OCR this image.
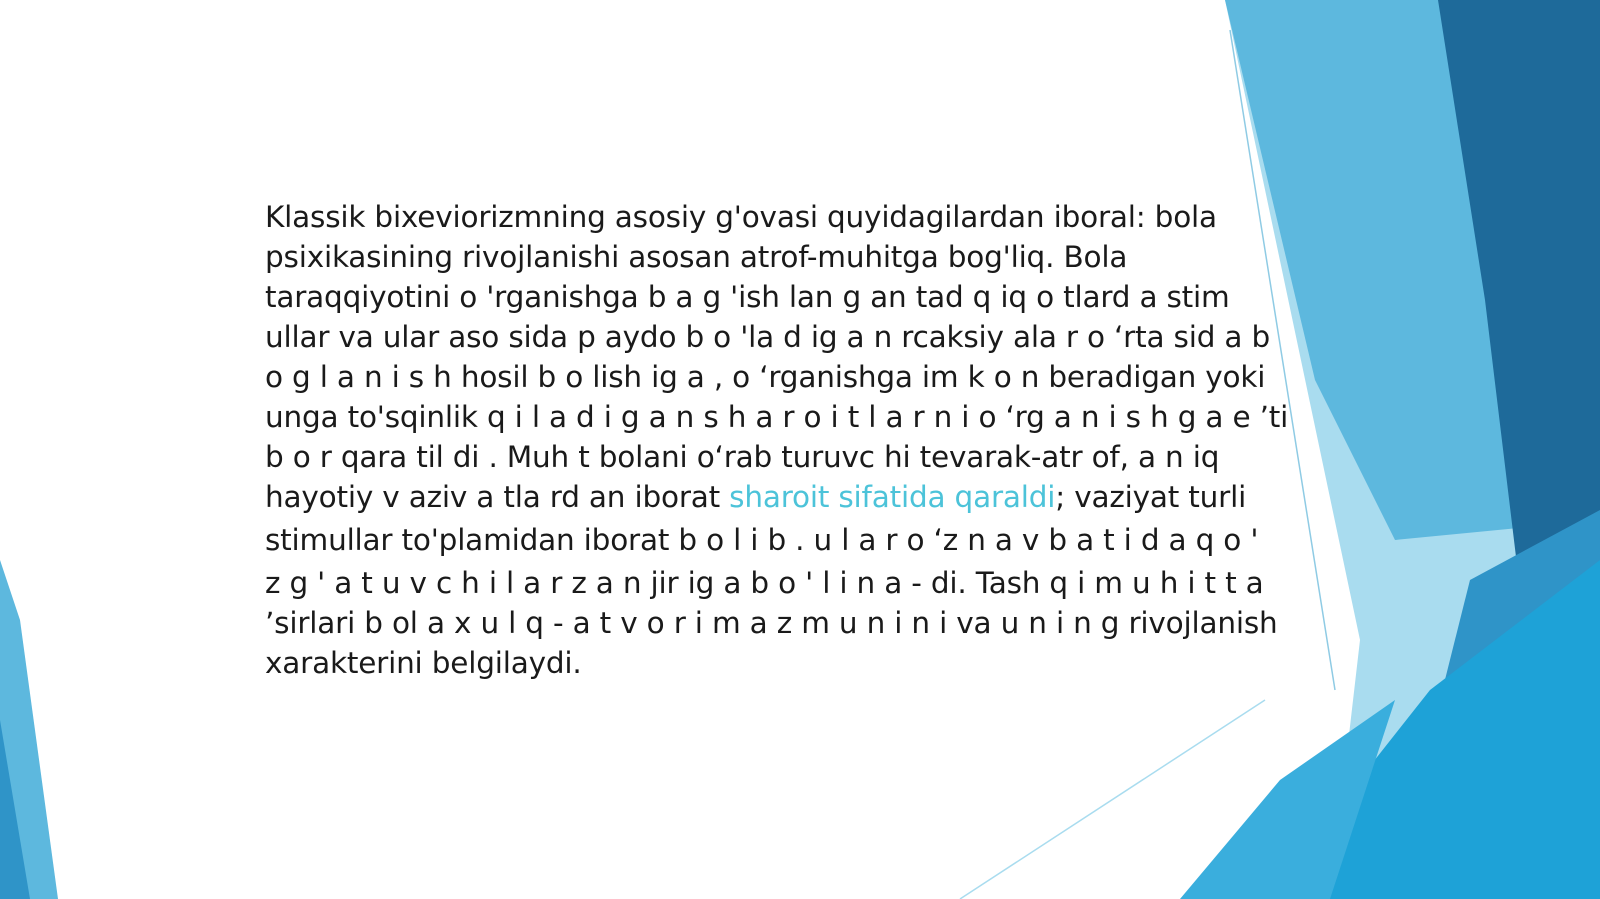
Klassik bixeviorizmning asosiy g'ovasi quyidagilardan iboral: bola
psixikasining rivojlanishi asosan atrof-muhitga bog'liq. Bola
taraqqiyotini o 'rganishga b a g 'ish lan g an tad q iq o tlard a stim
ullar va ular aso sida p aydo b o 'la d ig a n rcaksiy ala r o ‘rta sid a b
o g l a n i s h hosil b o lish ig a , o ‘rganishga im k o n beradigan yoki
unga to'sqinlik q i l a d i g a n s h a r o i t l a r n i o ‘rg a n i s h g a e ’ti
b o r qara til di . Muh t bolani o‘rab turuvc hi tevarak-atr of, a n iq
hayotiy v aziv a tla rd an iborat sharoit sifatida qaraldi; vaziyat turli
stimullar to'plamidan iborat b o l i b . u l a r o ‘z n a v b a t i d a q o '
z g ' a t u v c h i l a r z a n jir ig a b o ' l i n a - di. Tash q i m u h i t t a
’sirlari b ol a x u l q - a t v o r i m a z m u n i n i va u n i n g rivojlanish
xarakterini belgilaydi.
